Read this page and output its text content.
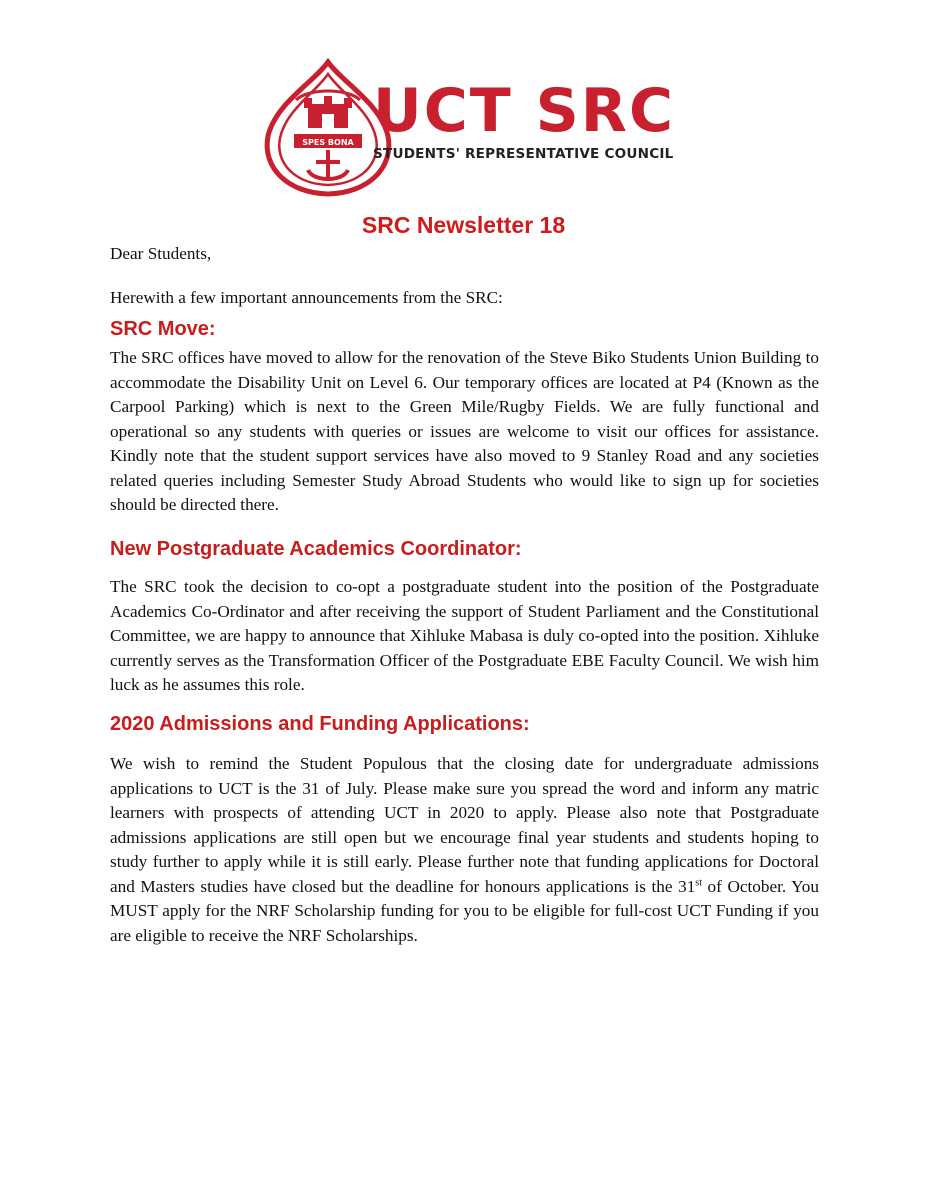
SPES BONA UCT SRC
STUDENTS' REPRESENTATIVE COUNCIL
SRC Newsletter 18
Dear Students,
Herewith a few important announcements from the SRC:
SRC Move:
The SRC offices have moved to allow for the renovation of the Steve Biko Students Union Building to accommodate the Disability Unit on Level 6. Our temporary offices are located at P4 (Known as the Carpool Parking) which is next to the Green Mile/Rugby Fields. We are fully functional and operational so any students with queries or issues are welcome to visit our offices for assistance. Kindly note that the student support services have also moved to 9 Stanley Road and any societies related queries including Semester Study Abroad Students who would like to sign up for societies should be directed there.
New Postgraduate Academics Coordinator:
The SRC took the decision to co-opt a postgraduate student into the position of the Postgraduate Academics Co-Ordinator and after receiving the support of Student Parliament and the Constitutional Committee, we are happy to announce that Xihluke Mabasa is duly co-opted into the position. Xihluke currently serves as the Transformation Officer of the Postgraduate EBE Faculty Council. We wish him luck as he assumes this role.
2020 Admissions and Funding Applications:
We wish to remind the Student Populous that the closing date for undergraduate admissions applications to UCT is the 31 of July. Please make sure you spread the word and inform any matric learners with prospects of attending UCT in 2020 to apply. Please also note that Postgraduate admissions applications are still open but we encourage final year students and students hoping to study further to apply while it is still early. Please further note that funding applications for Doctoral and Masters studies have closed but the deadline for honours applications is the 31st of October. You MUST apply for the NRF Scholarship funding for you to be eligible for full-cost UCT Funding if you are eligible to receive the NRF Scholarships.
